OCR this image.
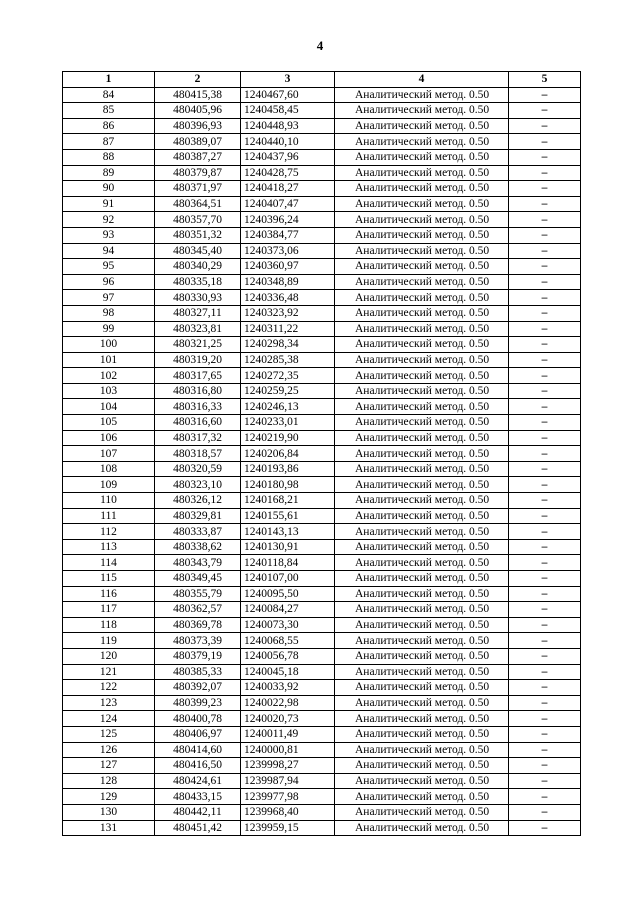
4
1	2	3	4	5
84	480415,38	1240467,60	Аналитический метод. 0.50	–
85	480405,96	1240458,45	Аналитический метод. 0.50	–
86	480396,93	1240448,93	Аналитический метод. 0.50	–
87	480389,07	1240440,10	Аналитический метод. 0.50	–
88	480387,27	1240437,96	Аналитический метод. 0.50	–
89	480379,87	1240428,75	Аналитический метод. 0.50	–
90	480371,97	1240418,27	Аналитический метод. 0.50	–
91	480364,51	1240407,47	Аналитический метод. 0.50	–
92	480357,70	1240396,24	Аналитический метод. 0.50	–
93	480351,32	1240384,77	Аналитический метод. 0.50	–
94	480345,40	1240373,06	Аналитический метод. 0.50	–
95	480340,29	1240360,97	Аналитический метод. 0.50	–
96	480335,18	1240348,89	Аналитический метод. 0.50	–
97	480330,93	1240336,48	Аналитический метод. 0.50	–
98	480327,11	1240323,92	Аналитический метод. 0.50	–
99	480323,81	1240311,22	Аналитический метод. 0.50	–
100	480321,25	1240298,34	Аналитический метод. 0.50	–
101	480319,20	1240285,38	Аналитический метод. 0.50	–
102	480317,65	1240272,35	Аналитический метод. 0.50	–
103	480316,80	1240259,25	Аналитический метод. 0.50	–
104	480316,33	1240246,13	Аналитический метод. 0.50	–
105	480316,60	1240233,01	Аналитический метод. 0.50	–
106	480317,32	1240219,90	Аналитический метод. 0.50	–
107	480318,57	1240206,84	Аналитический метод. 0.50	–
108	480320,59	1240193,86	Аналитический метод. 0.50	–
109	480323,10	1240180,98	Аналитический метод. 0.50	–
110	480326,12	1240168,21	Аналитический метод. 0.50	–
111	480329,81	1240155,61	Аналитический метод. 0.50	–
112	480333,87	1240143,13	Аналитический метод. 0.50	–
113	480338,62	1240130,91	Аналитический метод. 0.50	–
114	480343,79	1240118,84	Аналитический метод. 0.50	–
115	480349,45	1240107,00	Аналитический метод. 0.50	–
116	480355,79	1240095,50	Аналитический метод. 0.50	–
117	480362,57	1240084,27	Аналитический метод. 0.50	–
118	480369,78	1240073,30	Аналитический метод. 0.50	–
119	480373,39	1240068,55	Аналитический метод. 0.50	–
120	480379,19	1240056,78	Аналитический метод. 0.50	–
121	480385,33	1240045,18	Аналитический метод. 0.50	–
122	480392,07	1240033,92	Аналитический метод. 0.50	–
123	480399,23	1240022,98	Аналитический метод. 0.50	–
124	480400,78	1240020,73	Аналитический метод. 0.50	–
125	480406,97	1240011,49	Аналитический метод. 0.50	–
126	480414,60	1240000,81	Аналитический метод. 0.50	–
127	480416,50	1239998,27	Аналитический метод. 0.50	–
128	480424,61	1239987,94	Аналитический метод. 0.50	–
129	480433,15	1239977,98	Аналитический метод. 0.50	–
130	480442,11	1239968,40	Аналитический метод. 0.50	–
131	480451,42	1239959,15	Аналитический метод. 0.50	–
